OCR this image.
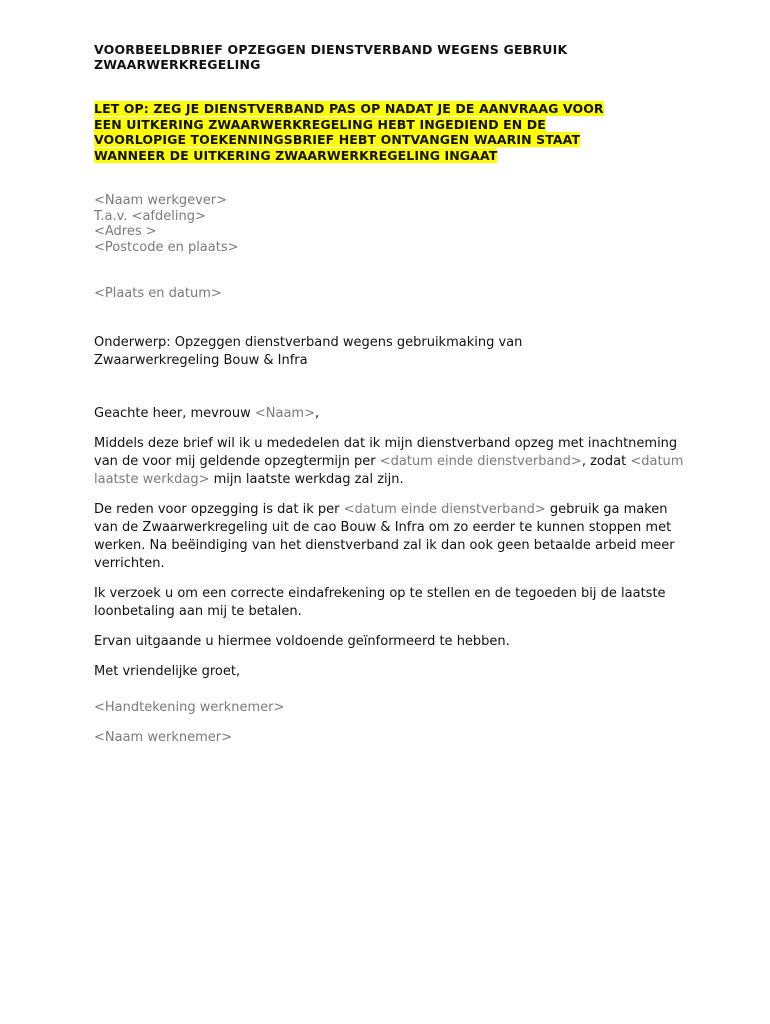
VOORBEELDBRIEF OPZEGGEN DIENSTVERBAND WEGENS GEBRUIK
ZWAARWERKREGELING
LET OP: ZEG JE DIENSTVERBAND PAS OP NADAT JE DE AANVRAAG VOOR
EEN UITKERING ZWAARWERKREGELING HEBT INGEDIEND EN DE
VOORLOPIGE TOEKENNINGSBRIEF HEBT ONTVANGEN WAARIN STAAT
WANNEER DE UITKERING ZWAARWERKREGELING INGAAT
<Naam werkgever>
T.a.v. <afdeling>
<Adres >
<Postcode en plaats>
<Plaats en datum>
Onderwerp: Opzeggen dienstverband wegens gebruikmaking van
Zwaarwerkregeling Bouw & Infra
Geachte heer, mevrouw <Naam>,
Middels deze brief wil ik u mededelen dat ik mijn dienstverband opzeg met inachtneming van de voor mij geldende opzegtermijn per <datum einde dienstverband>, zodat <datum laatste werkdag> mijn laatste werkdag zal zijn.
De reden voor opzegging is dat ik per <datum einde dienstverband> gebruik ga maken van de Zwaarwerkregeling uit de cao Bouw & Infra om zo eerder te kunnen stoppen met werken. Na beëindiging van het dienstverband zal ik dan ook geen betaalde arbeid meer verrichten.
Ik verzoek u om een correcte eindafrekening op te stellen en de tegoeden bij de laatste loonbetaling aan mij te betalen.
Ervan uitgaande u hiermee voldoende geïnformeerd te hebben.
Met vriendelijke groet,
<Handtekening werknemer>
<Naam werknemer>
